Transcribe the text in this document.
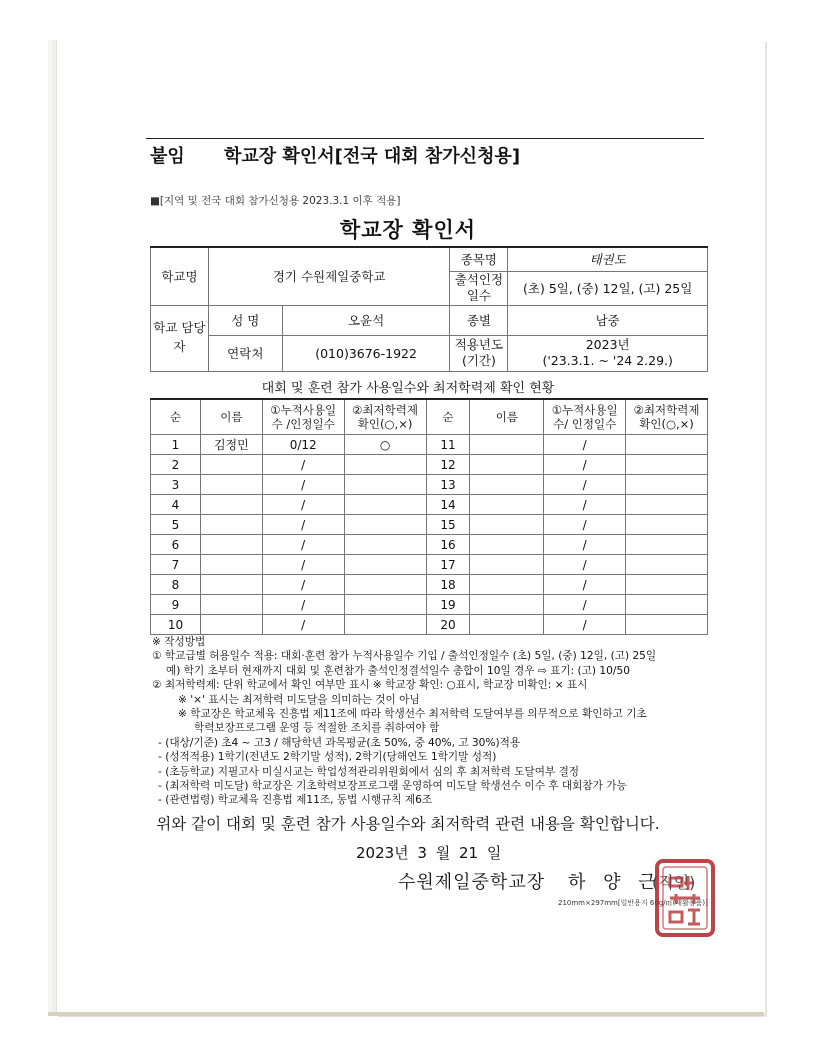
붙임 학교장 확인서[전국 대회 참가신청용]
■[지역 및 전국 대회 참가신청용 2023.3.1 이후 적용]
학교장 확인서
학교명	경기 수원제일중학교		종목명	태권도
			출석인정 일수	(초) 5일, (중) 12일, (고) 25일
학교 담당자	성 명	오윤석	종별	남중
	연락처	(010)3676-1922	적용년도 (기간)	2023년
('23.3.1. ~ '24 2.29.)
대회 및 훈련 참가 사용일수와 최저학력제 확인 현황
순	이름	①누적사용일수 /인정일수	②최저학력제 확인(○,×)	순	이름	①누적사용일수/ 인정일수	②최저학력제 확인(○,×)
1	김정민	0/12	○	11		/	
2		/		12		/	
3		/		13		/	
4		/		14		/	
5		/		15		/	
6		/		16		/	
7		/		17		/	
8		/		18		/	
9		/		19		/	
10		/		20		/	

※ 작성방법

① 학교급별 허용일수 적용: 대회·훈련 참가 누적사용일수 기입 / 출석인정일수 (초) 5일, (중) 12일, (고) 25일

예) 학기 초부터 현재까지 대회 및 훈련참가 출석인정결석일수 총합이 10일 경우 ⇨ 표기: (고) 10/50

② 최저학력제: 단위 학교에서 확인 여부만 표시 ※ 학교장 확인: ○표시, 학교장 미확인: × 표시

※ '×' 표시는 최저학력 미도달을 의미하는 것이 아님

※ 학교장은 학교체육 진흥법 제11조에 따라 학생선수 최저학력 도달여부를 의무적으로 확인하고 기초

학력보장프로그램 운영 등 적절한 조치를 취하여야 함

- (대상/기준) 초4 ~ 고3 / 해당학년 과목평균(초 50%, 중 40%, 고 30%)적용

- (성적적용) 1학기(전년도 2학기말 성적), 2학기(당해연도 1학기말 성적)

- (초등학교) 지필고사 미실시교는 학업성적관리위원회에서 심의 후 최저학력 도달여부 결정

- (최저학력 미도달) 학교장은 기초학력보장프로그램 운영하여 미도달 학생선수 이수 후 대회참가 가능

- (관련법령) 학교체육 진흥법 제11조, 동법 시행규칙 제6조

위와 같이 대회 및 훈련 참가 사용일수와 최저학력 관련 내용을 확인합니다.
2023년 3 월 21 일
수원제일중학교장 하 양 근
(직인)
210mm×297mm[일반용지 60g/㎡(재활용품)]
